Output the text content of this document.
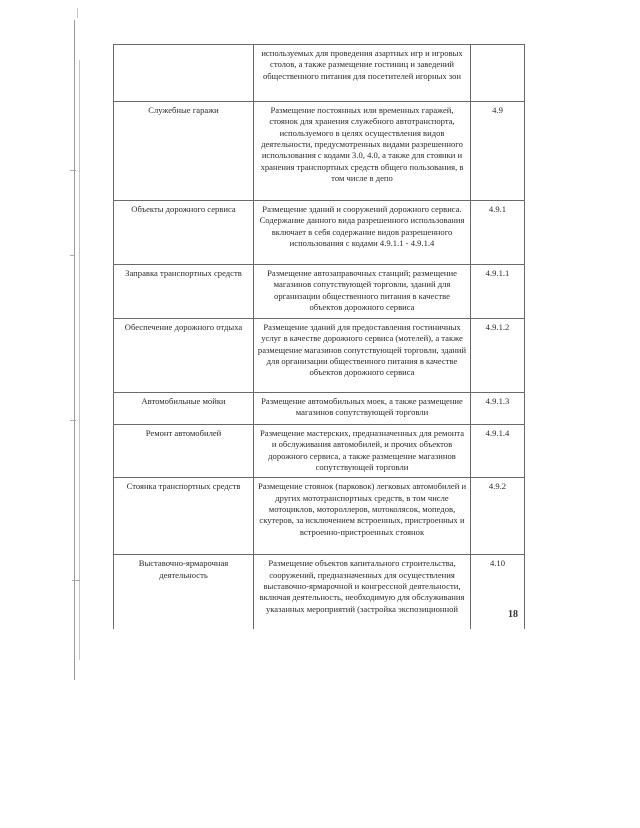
	используемых для проведения азартных игр и игровых столов, а также размещение гостиниц и заведений общественного питания для посетителей игорных зон	
Служебные гаражи	Размещение постоянных или временных гаражей, стоянок для хранения служебного автотранспорта, используемого в целях осуществления видов деятельности, предусмотренных видами разрешенного использования с кодами 3.0, 4.0, а также для стоянки и хранения транспортных средств общего пользования, в том числе в депо	4.9
Объекты дорожного сервиса	Размещение зданий и сооружений дорожного сервиса. Содержание данного вида разрешенного использования включает в себя содержание видов разрешенного использования с кодами 4.9.1.1 - 4.9.1.4	4.9.1
Заправка транспортных средств	Размещение автозаправочных станций; размещение магазинов сопутствующей торговли, зданий для организации общественного питания в качестве объектов дорожного сервиса	4.9.1.1
Обеспечение дорожного отдыха	Размещение зданий для предоставления гостиничных услуг в качестве дорожного сервиса (мотелей), а также размещение магазинов сопутствующей торговли, зданий для организации общественного питания в качестве объектов дорожного сервиса	4.9.1.2
Автомобильные мойки	Размещение автомобильных моек, а также размещение магазинов сопутствующей торговли	4.9.1.3
Ремонт автомобилей	Размещение мастерских, предназначенных для ремонта и обслуживания автомобилей, и прочих объектов дорожного сервиса, а также размещение магазинов сопутствующей торговли	4.9.1.4
Стоянка транспортных средств	Размещение стоянок (парковок) легковых автомобилей и других мототранспортных средств, в том числе мотоциклов, мотороллеров, мотоколясок, мопедов, скутеров, за исключением встроенных, пристроенных и встроенно-пристроенных стоянок	4.9.2
Выставочно-ярмарочная деятельность	Размещение объектов капитального строительства, сооружений, предназначенных для осуществления выставочно-ярмарочной и конгрессной деятельности, включая деятельность, необходимую для обслуживания указанных мероприятий (застройка экспозиционной	4.10
18
